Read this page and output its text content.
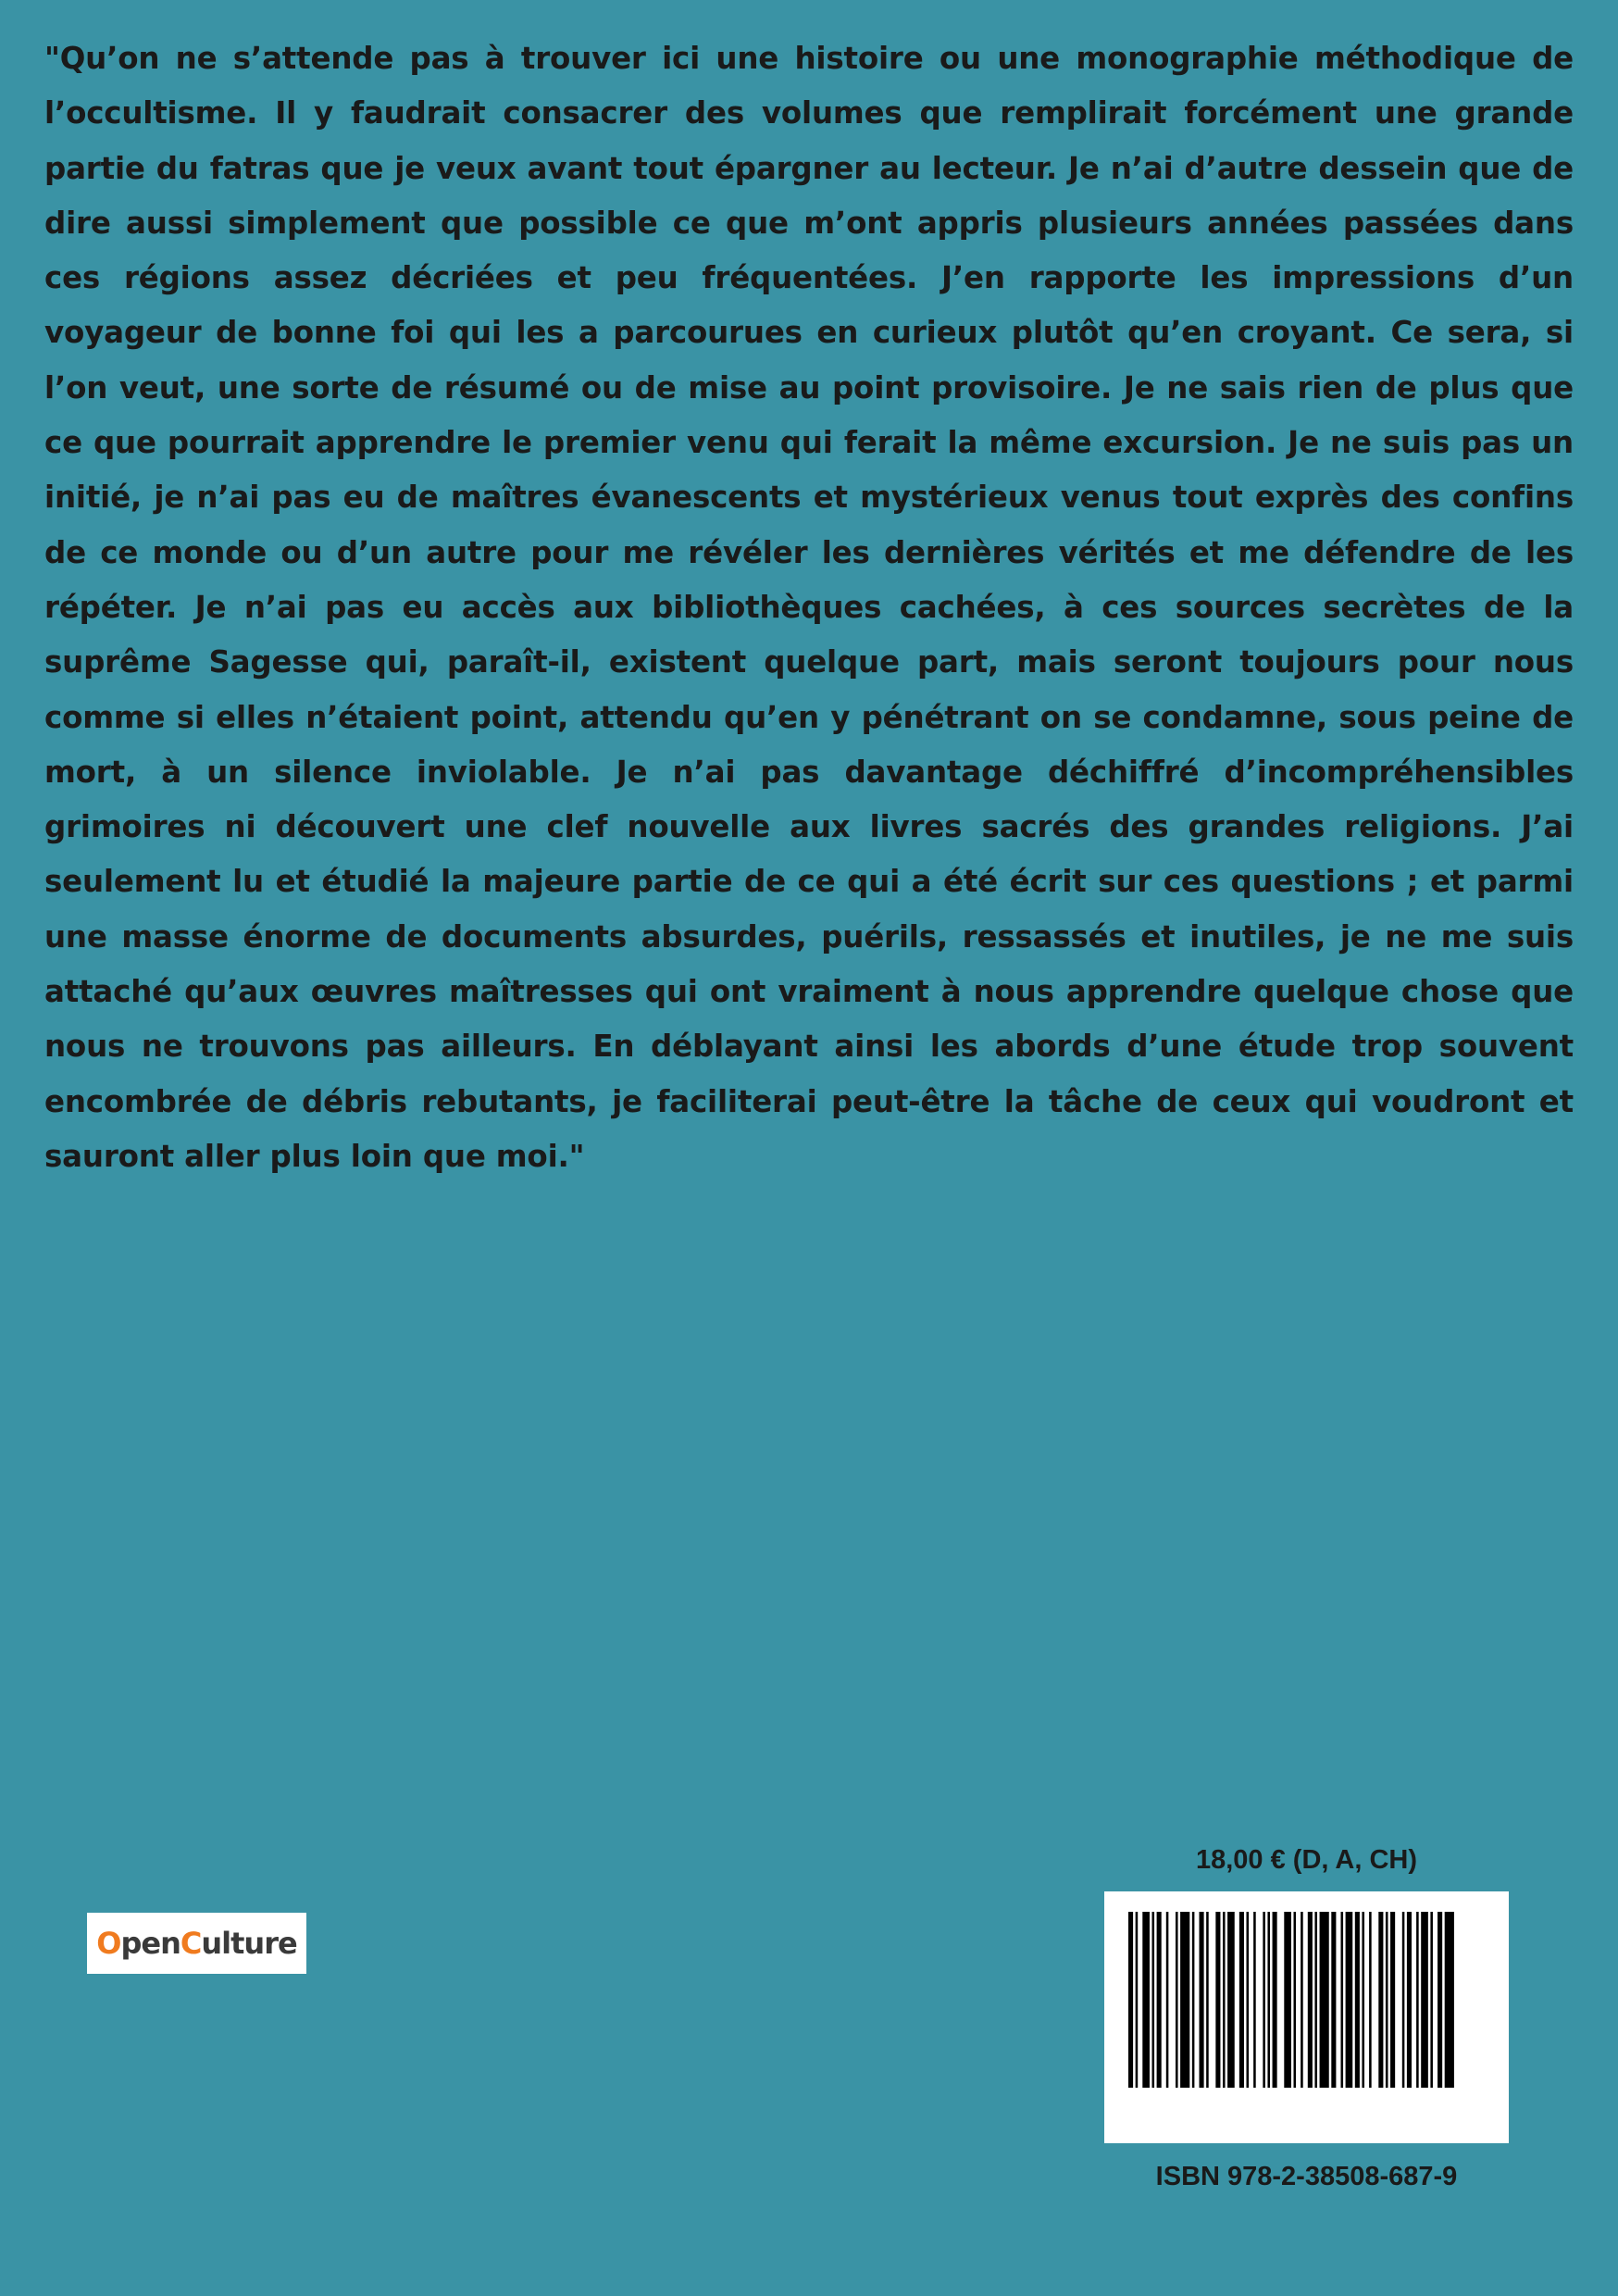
"Qu’on ne s’attende pas à trouver ici une histoire ou une monographie méthodique de l’occultisme. Il y faudrait consacrer des volumes que remplirait forcément une grande partie du fatras que je veux avant tout épargner au lecteur. Je n’ai d’autre dessein que de dire aussi simplement que possible ce que m’ont appris plusieurs années passées dans ces régions assez décriées et peu fréquentées. J’en rapporte les impressions d’un voyageur de bonne foi qui les a parcourues en curieux plutôt qu’en croyant. Ce sera, si l’on veut, une sorte de résumé ou de mise au point provisoire. Je ne sais rien de plus que ce que pourrait apprendre le premier venu qui ferait la même excursion. Je ne suis pas un initié, je n’ai pas eu de maîtres évanescents et mystérieux venus tout exprès des confins de ce monde ou d’un autre pour me révéler les dernières vérités et me défendre de les répéter. Je n’ai pas eu accès aux bibliothèques cachées, à ces sources secrètes de la suprême Sagesse qui, paraît-il, existent quelque part, mais seront toujours pour nous comme si elles n’étaient point, attendu qu’en y pénétrant on se condamne, sous peine de mort, à un silence inviolable. Je n’ai pas davantage déchiffré d’incompréhensibles grimoires ni découvert une clef nouvelle aux livres sacrés des grandes religions. J’ai seulement lu et étudié la majeure partie de ce qui a été écrit sur ces questions ; et parmi une masse énorme de documents absurdes, puérils, ressassés et inutiles, je ne me suis attaché qu’aux œuvres maîtresses qui ont vraiment à nous apprendre quelque chose que nous ne trouvons pas ailleurs. En déblayant ainsi les abords d’une étude trop souvent encombrée de débris rebutants, je faciliterai peut-être la tâche de ceux qui voudront et sauront aller plus loin que moi."

OpenCulture
18,00 € (D, A, CH)
ISBN 978-2-38508-687-9
